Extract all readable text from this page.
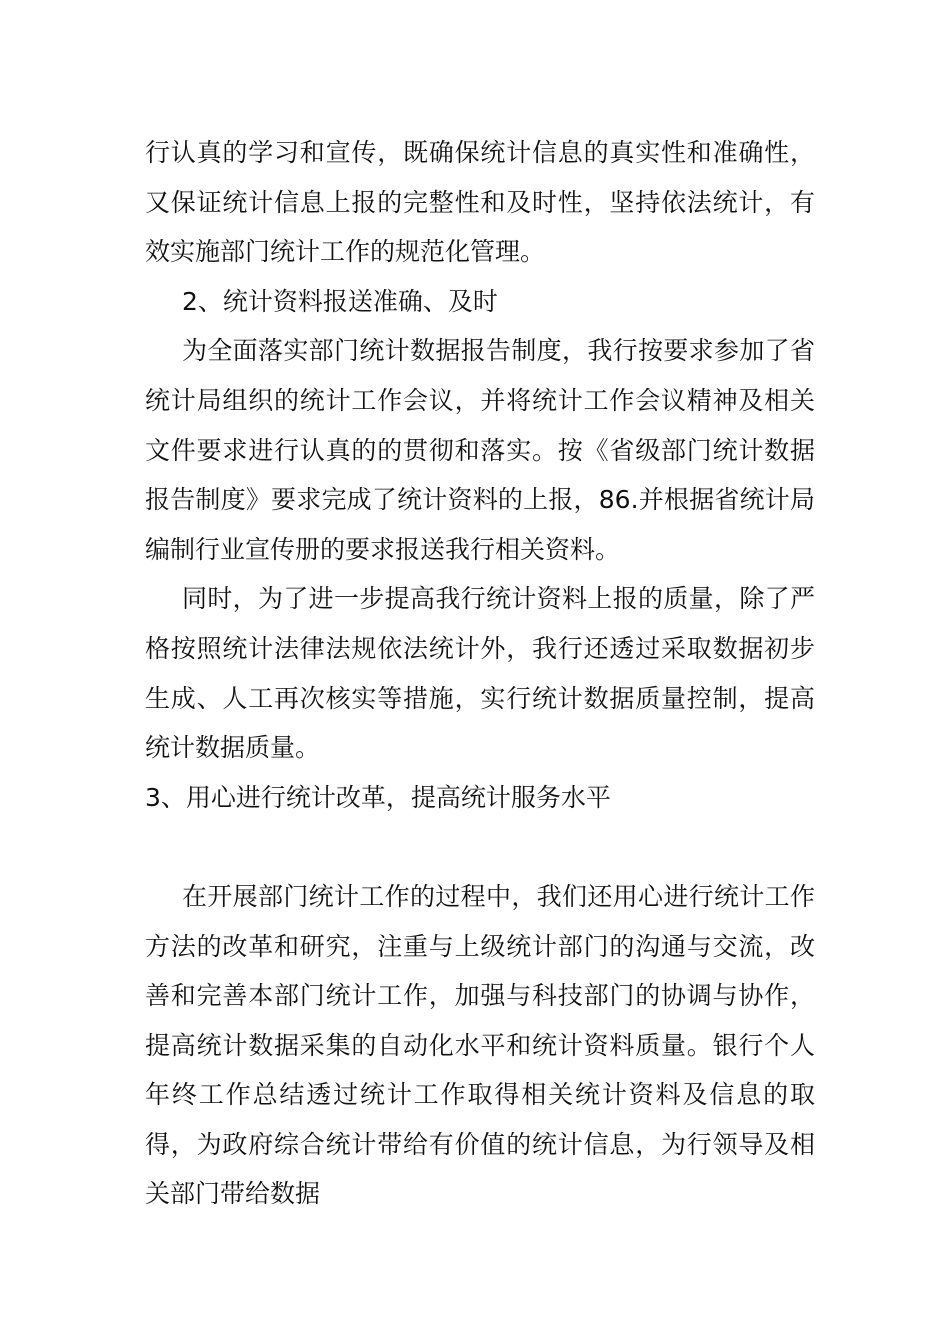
行认真的学习和宣传，既确保统计信息的真实性和准确性，又保证统计信息上报的完整性和及时性，坚持依法统计，有效实施部门统计工作的规范化管理。

2、统计资料报送准确、及时

为全面落实部门统计数据报告制度，我行按要求参加了省统计局组织的统计工作会议，并将统计工作会议精神及相关文件要求进行认真的的贯彻和落实。按《省级部门统计数据报告制度》要求完成了统计资料的上报，86.并根据省统计局编制行业宣传册的要求报送我行相关资料。

同时，为了进一步提高我行统计资料上报的质量，除了严格按照统计法律法规依法统计外，我行还透过采取数据初步生成、人工再次核实等措施，实行统计数据质量控制，提高统计数据质量。

3、用心进行统计改革，提高统计服务水平

在开展部门统计工作的过程中，我们还用心进行统计工作方法的改革和研究，注重与上级统计部门的沟通与交流，改善和完善本部门统计工作，加强与科技部门的协调与协作，提高统计数据采集的自动化水平和统计资料质量。银行个人年终工作总结透过统计工作取得相关统计资料及信息的取得，为政府综合统计带给有价值的统计信息，为行领导及相关部门带给数据
